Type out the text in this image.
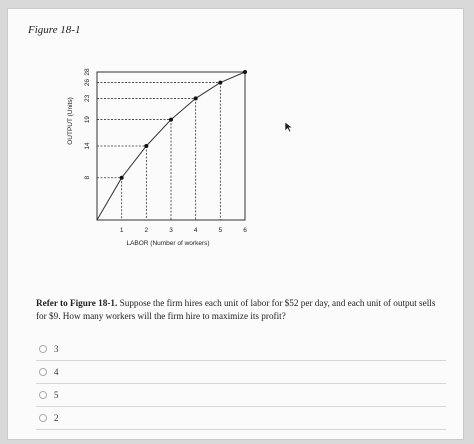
Figure 18-1
1	2	3	4	5	6
8
14
19
23
26
28
LABOR (Number of workers)
OUTPUT (Units)
Refer to Figure 18-1. Suppose the firm hires each unit of labor for $52 per day, and each unit of output sells for $9. How many workers will the firm hire to maximize its profit?
3
4
5
2
